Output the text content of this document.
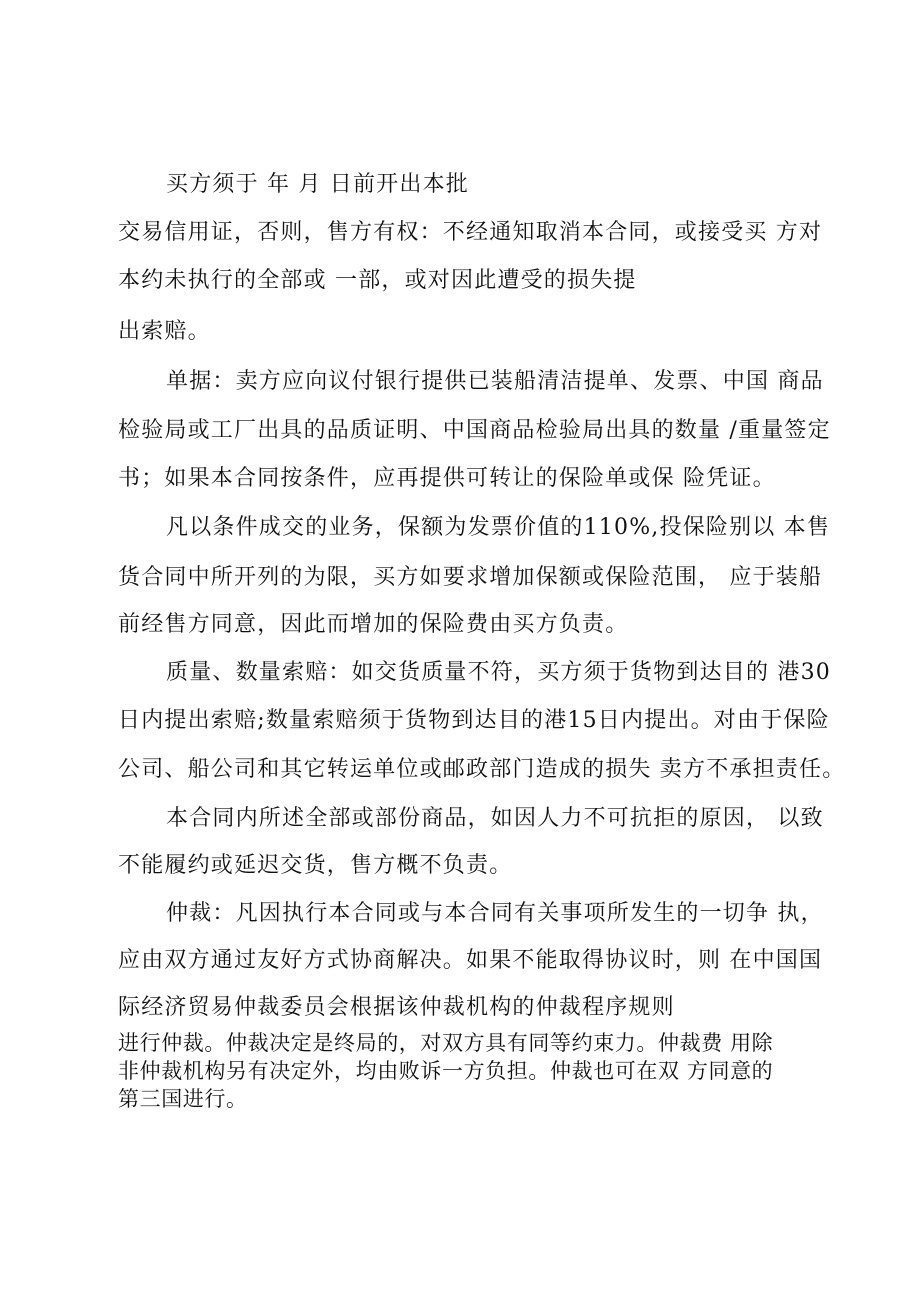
买方须于 年 月 日前开出本批

交易信用证，否则，售方有权：不经通知取消本合同，或接受买 方对

本约未执行的全部或 一部，或对因此遭受的损失提

出索赔。

单据：卖方应向议付银行提供已装船清洁提单、发票、中国 商品

检验局或工厂出具的品质证明、中国商品检验局出具的数量 /重量签定

书；如果本合同按条件，应再提供可转让的保险单或保 险凭证。

凡以条件成交的业务，保额为发票价值的110%,投保险别以 本售

货合同中所开列的为限，买方如要求增加保额或保险范围， 应于装船

前经售方同意，因此而增加的保险费由买方负责。

质量、数量索赔：如交货质量不符，买方须于货物到达目的 港30

日内提出索赔;数量索赔须于货物到达目的港15日内提出。对由于保险

公司、船公司和其它转运单位或邮政部门造成的损失 卖方不承担责任。

本合同内所述全部或部份商品，如因人力不可抗拒的原因， 以致

不能履约或延迟交货，售方概不负责。

仲裁：凡因执行本合同或与本合同有关事项所发生的一切争 执，

应由双方通过友好方式协商解决。如果不能取得协议时，则 在中国国

际经济贸易仲裁委员会根据该仲裁机构的仲裁程序规则

进行仲裁。仲裁决定是终局的，对双方具有同等约束力。仲裁费 用除

非仲裁机构另有决定外，均由败诉一方负担。仲裁也可在双 方同意的

第三国进行。
